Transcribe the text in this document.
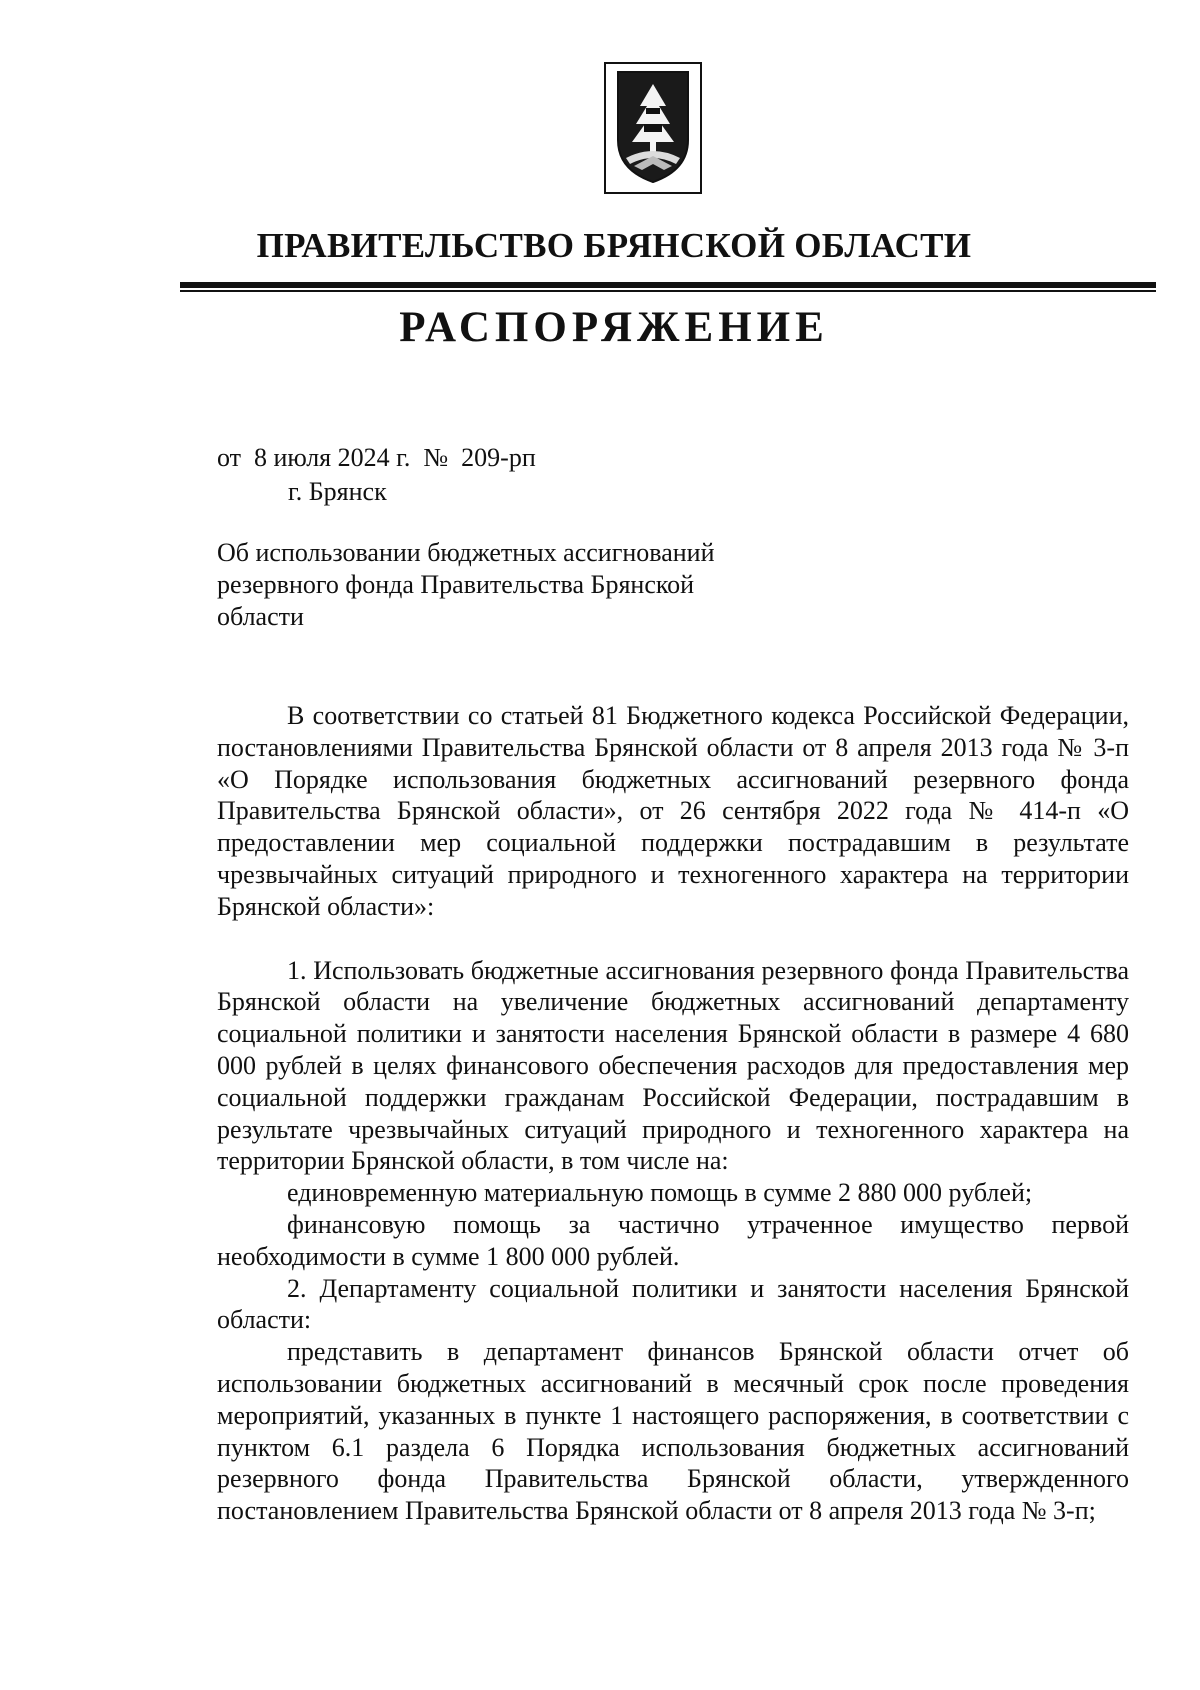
ПРАВИТЕЛЬСТВО БРЯНСКОЙ ОБЛАСТИ
РАСПОРЯЖЕНИЕ
от  8 июля 2024 г.  №  209-рп
г. Брянск
Об использовании бюджетных ассигнований резервного фонда Правительства Брянской области

В соответствии со статьей 81 Бюджетного кодекса Российской Федерации, постановлениями Правительства Брянской области от 8 апреля 2013 года № 3-п «О Порядке использования бюджетных ассигнований резервного фонда Правительства Брянской области», от 26 сентября 2022 года № 414-п «О предоставлении мер социальной поддержки пострадавшим в результате чрезвычайных ситуаций природного и техногенного характера на территории Брянской области»:

1. Использовать бюджетные ассигнования резервного фонда Правительства Брянской области на увеличение бюджетных ассигнований департаменту социальной политики и занятости населения Брянской области в размере 4 680 000 рублей в целях финансового обеспечения расходов для предоставления мер социальной поддержки гражданам Российской Федерации, пострадавшим в результате чрезвычайных ситуаций природного и техногенного характера на территории Брянской области, в том числе на:

единовременную материальную помощь в сумме 2 880 000 рублей;

финансовую помощь за частично утраченное имущество первой необходимости в сумме 1 800 000 рублей.

2. Департаменту социальной политики и занятости населения Брянской области:

представить в департамент финансов Брянской области отчет об использовании бюджетных ассигнований в месячный срок после проведения мероприятий, указанных в пункте 1 настоящего распоряжения, в соответствии с пунктом 6.1 раздела 6 Порядка использования бюджетных ассигнований резервного фонда Правительства Брянской области, утвержденного постановлением Правительства Брянской области от 8 апреля 2013 года № 3-п;
